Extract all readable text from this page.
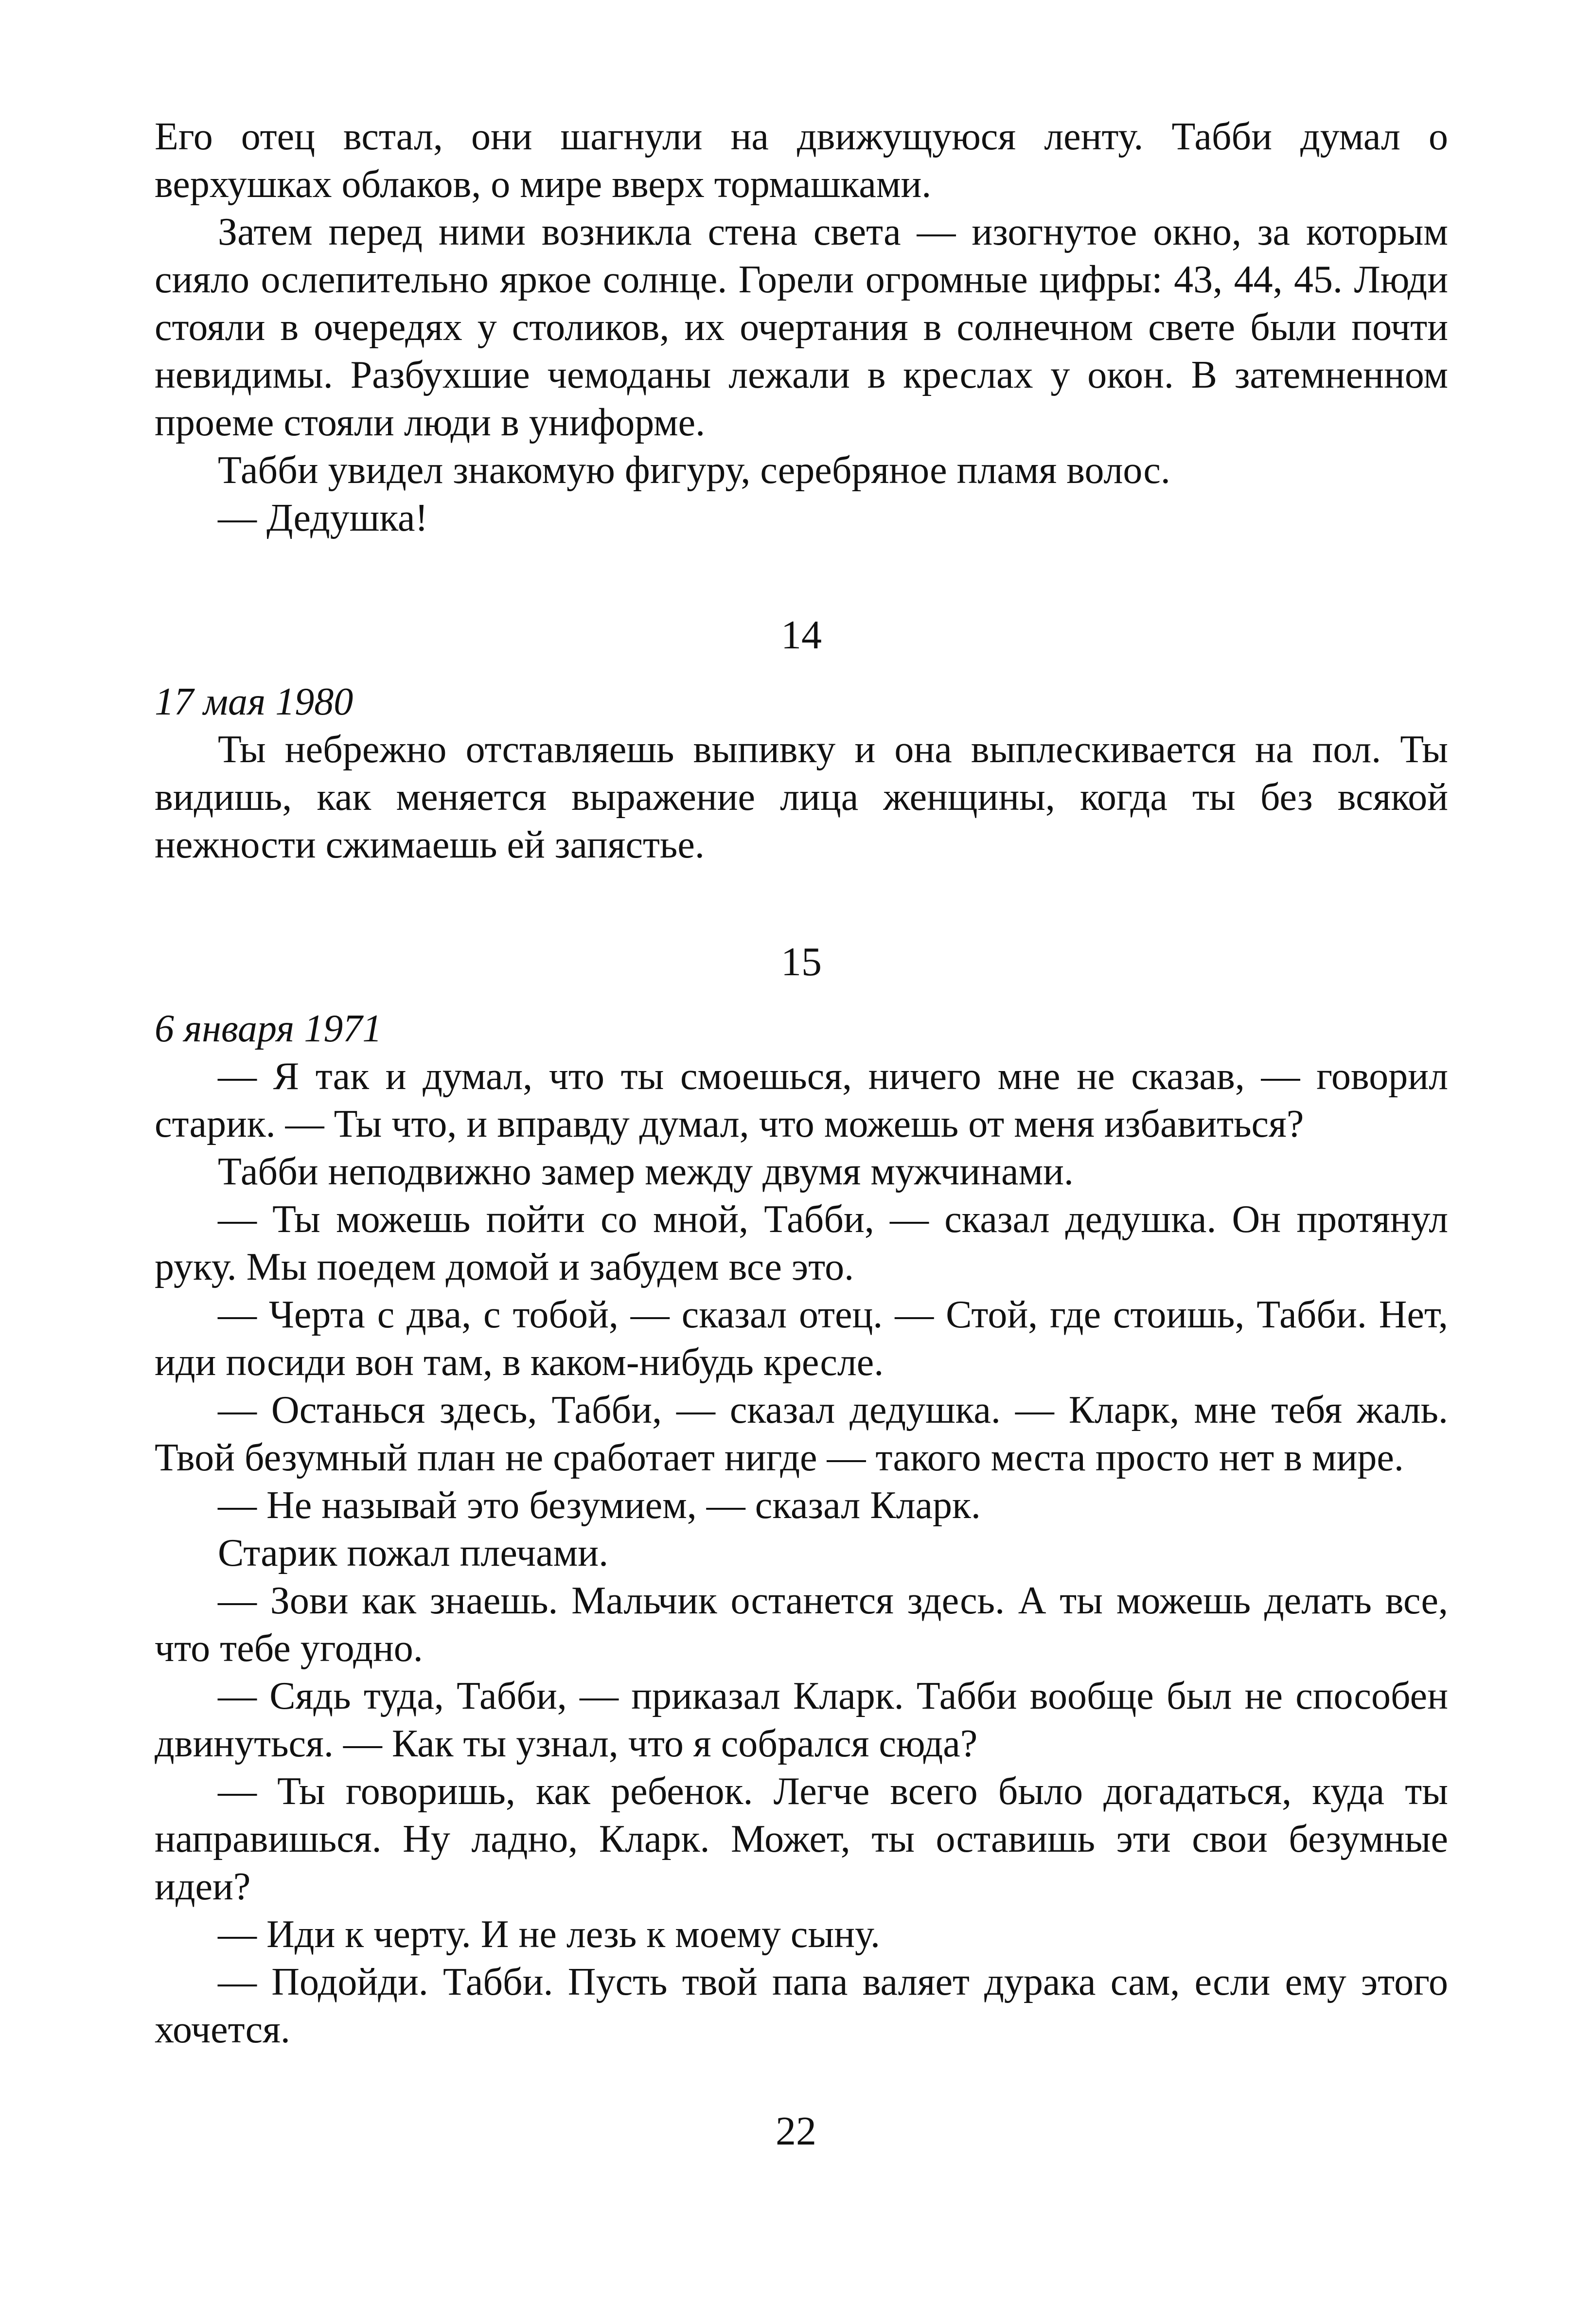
Его отец встал, они шагнули на движущуюся ленту. Табби думал о верхушках облаков, о мире вверх тормашками.

Затем перед ними возникла стена света — изогнутое окно, за которым сияло ослепительно яркое солнце. Горели огромные цифры: 43, 44, 45. Люди стояли в очередях у столиков, их очертания в солнечном свете были почти невидимы. Разбухшие чемоданы лежали в креслах у окон. В затемненном проеме стояли люди в униформе.

Табби увидел знакомую фигуру, серебряное пламя волос.

— Дедушка!

14
17 мая 1980

Ты небрежно отставляешь выпивку и она выплескивается на пол. Ты видишь, как меняется выражение лица женщины, когда ты без всякой нежности сжимаешь ей запястье.

15
6 января 1971

— Я так и думал, что ты смоешься, ничего мне не сказав, — говорил старик. — Ты что, и вправду думал, что можешь от меня избавиться?

Табби неподвижно замер между двумя мужчинами.

— Ты можешь пойти со мной, Табби, — сказал дедушка. Он протянул руку. Мы поедем домой и забудем все это.

— Черта с два, с тобой, — сказал отец. — Стой, где стоишь, Табби. Нет, иди посиди вон там, в каком-нибудь кресле.

— Останься здесь, Табби, — сказал дедушка. — Кларк, мне тебя жаль. Твой безумный план не сработает нигде — такого места просто нет в мире.

— Не называй это безумием, — сказал Кларк.

Старик пожал плечами.

— Зови как знаешь. Мальчик останется здесь. А ты можешь делать все, что тебе угодно.

— Сядь туда, Табби, — приказал Кларк. Табби вообще был не способен двинуться. — Как ты узнал, что я собрался сюда?

— Ты говоришь, как ребенок. Легче всего было догадаться, куда ты направишься. Ну ладно, Кларк. Может, ты оставишь эти свои безумные идеи?

— Иди к черту. И не лезь к моему сыну.

— Подойди. Табби. Пусть твой папа валяет дурака сам, если ему этого хочется.

22
